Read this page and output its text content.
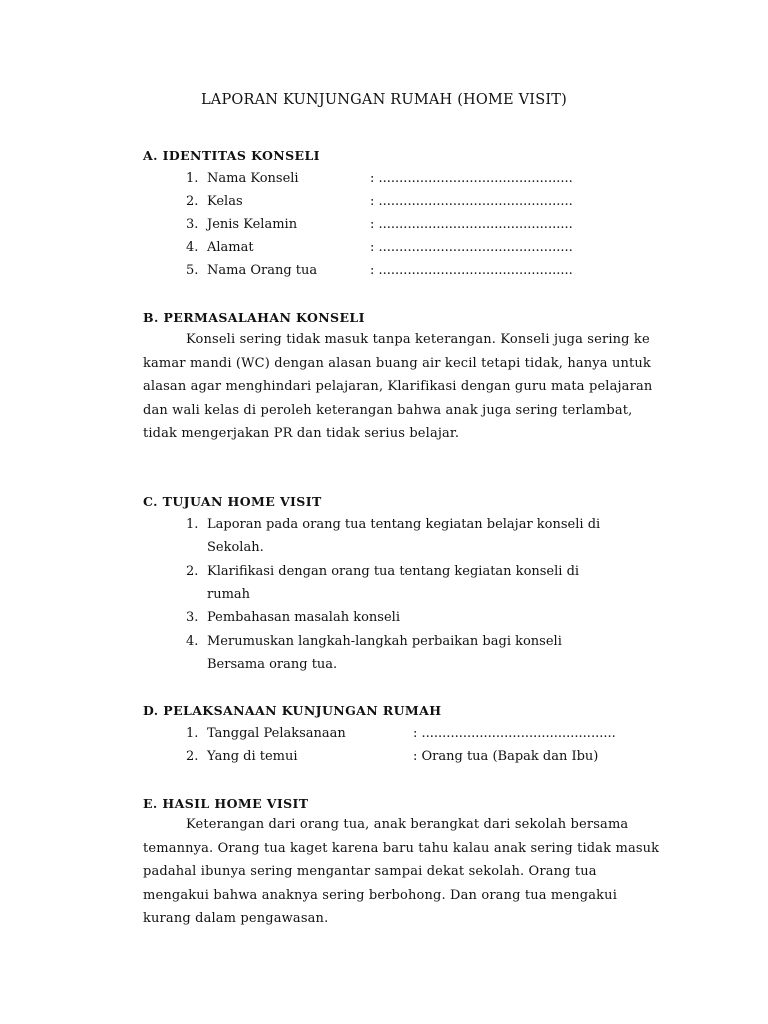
LAPORAN KUNJUNGAN RUMAH (HOME VISIT)
A. IDENTITAS KONSELI
1. Nama Konseli	: ...............................................
2. Kelas	: ...............................................
3. Jenis Kelamin	: ...............................................
4. Alamat	: ...............................................
5. Nama Orang tua	: ...............................................
B. PERMASALAHAN KONSELI
Konseli sering tidak masuk tanpa keterangan. Konseli juga sering ke kamar mandi (WC) dengan alasan buang air kecil tetapi tidak, hanya untuk alasan agar menghindari pelajaran, Klarifikasi dengan guru mata pelajaran dan wali kelas di peroleh keterangan bahwa anak juga sering terlambat, tidak mengerjakan PR dan tidak serius belajar.
C. TUJUAN HOME VISIT
1. Laporan pada orang tua tentang kegiatan belajar konseli di
Sekolah.
2. Klarifikasi dengan orang tua tentang kegiatan konseli di
rumah
3. Pembahasan masalah konseli
4. Merumuskan langkah-langkah perbaikan bagi konseli
Bersama orang tua.
D. PELAKSANAAN KUNJUNGAN RUMAH
1. Tanggal Pelaksanaan	: ...............................................
2. Yang di temui	: Orang tua (Bapak dan Ibu)
E. HASIL HOME VISIT
Keterangan dari orang tua, anak berangkat dari sekolah bersama temannya. Orang tua kaget karena baru tahu kalau anak sering tidak masuk padahal ibunya sering mengantar sampai dekat sekolah. Orang tua mengakui bahwa anaknya sering berbohong. Dan orang tua mengakui kurang dalam pengawasan.
